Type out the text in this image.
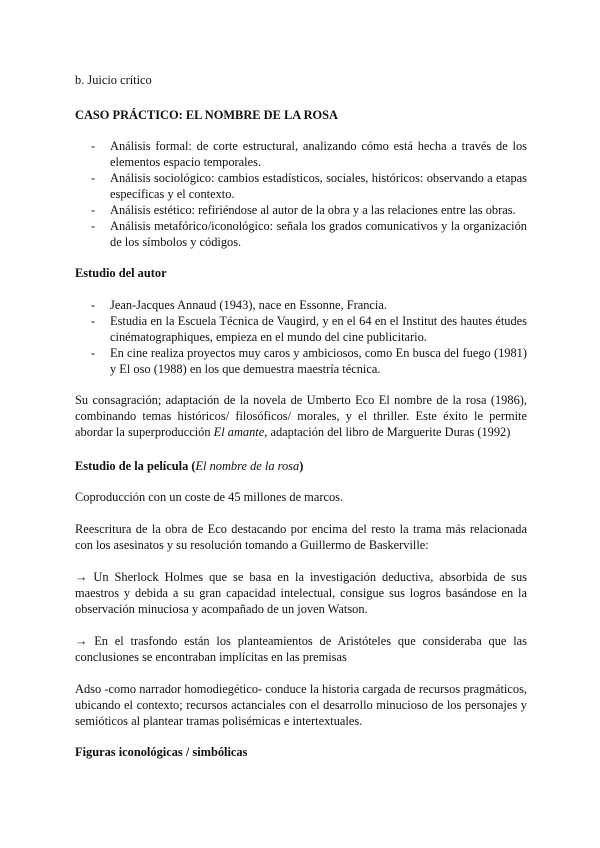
b. Juicio crítico
CASO PRÁCTICO: EL NOMBRE DE LA ROSA
- Análisis formal: de corte estructural, analizando cómo está hecha a través de los elementos espacio temporales.
- Análisis sociológico: cambios estadísticos, sociales, históricos: observando a etapas específicas y el contexto.
- Análisis estético: refiriéndose al autor de la obra y a las relaciones entre las obras.
- Análisis metafórico/iconológico: señala los grados comunicativos y la organización de los símbolos y códigos.
Estudio del autor
- Jean-Jacques Annaud (1943), nace en Essonne, Francia.
- Estudia en la Escuela Técnica de Vaugird, y en el 64 en el Institut des hautes études cinématographiques, empieza en el mundo del cine publicitario.
- En cine realiza proyectos muy caros y ambiciosos, como En busca del fuego (1981) y El oso (1988) en los que demuestra maestría técnica.
Su consagración; adaptación de la novela de Umberto Eco El nombre de la rosa (1986), combinando temas históricos/ filosóficos/ morales, y el thriller. Este éxito le permite abordar la superproducción El amante, adaptación del libro de Marguerite Duras (1992)
Estudio de la película (El nombre de la rosa)
Coproducción con un coste de 45 millones de marcos.
Reescritura de la obra de Eco destacando por encima del resto la trama más relacionada con los asesinatos y su resolución tomando a Guillermo de Baskerville:
→ Un Sherlock Holmes que se basa en la investigación deductiva, absorbida de sus maestros y debida a su gran capacidad intelectual, consigue sus logros basándose en la observación minuciosa y acompañado de un joven Watson.
→ En el trasfondo están los planteamientos de Aristóteles que consideraba que las conclusiones se encontraban implícitas en las premisas
Adso -como narrador homodiegético- conduce la historia cargada de recursos pragmáticos, ubicando el contexto; recursos actanciales con el desarrollo minucioso de los personajes y semióticos al plantear tramas polisémicas e intertextuales.
Figuras iconológicas / simbólicas
